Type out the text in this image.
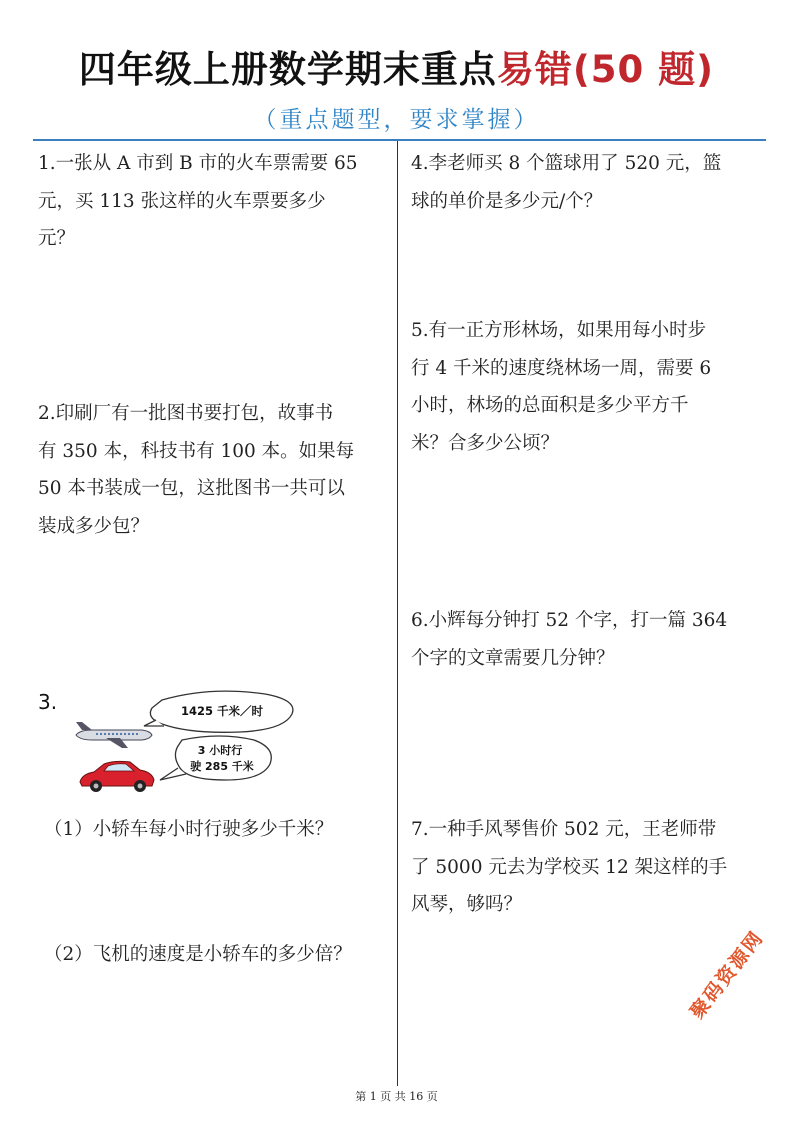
四年级上册数学期末重点易错(50 题)
（重点题型，要求掌握）
1.一张从 A 市到 B 市的火车票需要 65
元，买 113 张这样的火车票要多少
元？
2.印刷厂有一批图书要打包，故事书
有 350 本，科技书有 100 本。如果每
50 本书装成一包，这批图书一共可以
装成多少包？
3.	1425 千米／时
3 小时行
驶 285 千米
（1）小轿车每小时行驶多少千米？
（2）飞机的速度是小轿车的多少倍？
4.李老师买 8 个篮球用了 520 元，篮
球的单价是多少元/个？
5.有一正方形林场，如果用每小时步
行 4 千米的速度绕林场一周，需要 6
小时，林场的总面积是多少平方千
米？合多少公顷？
6.小辉每分钟打 52 个字，打一篇 364
个字的文章需要几分钟？
7.一种手风琴售价 502 元，王老师带
了 5000 元去为学校买 12 架这样的手
风琴，够吗？
聚码资源网
第 1 页 共 16 页
